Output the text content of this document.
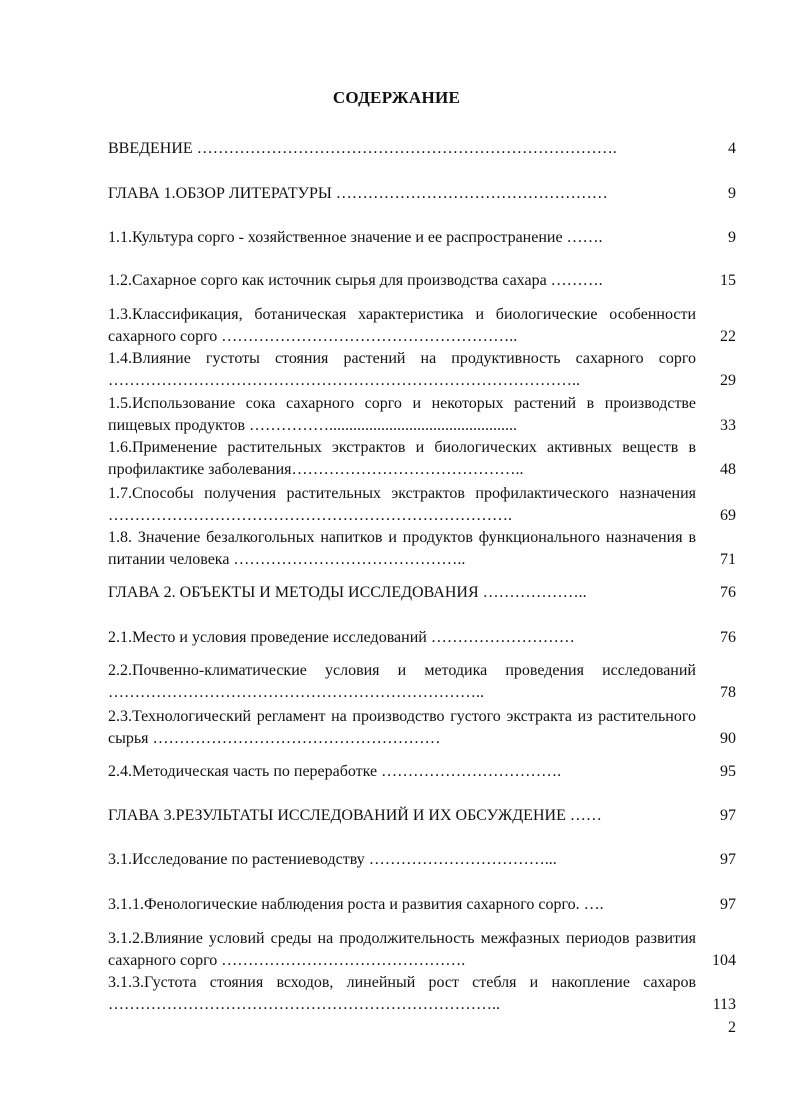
СОДЕРЖАНИЕ
ВВЕДЕНИЕ …………………………………………………………………….	4
ГЛАВА 1.ОБЗОР ЛИТЕРАТУРЫ ……………………………………………	9
1.1.Культура сорго - хозяйственное значение и ее распространение …….	9
1.2.Сахарное сорго как источник сырья для производства сахара ……….	15
1.3.Классификация, ботаническая характеристика и биологические особенности сахарного сорго ………………………………………………..	22
1.4.Влияние густоты стояния растений на продуктивность сахарного сорго ……………………………………………………………………………..	29
1.5.Использование сока сахарного сорго и некоторых растений в производстве пищевых продуктов ……………...............................................	33
1.6.Применение растительных экстрактов и биологических активных веществ в профилактике заболевания……………………………………..	48
1.7.Способы получения растительных экстрактов профилактического назначения ………………………………………………………………….	69
1.8. Значение безалкогольных напитков и продуктов функционального назначения в питании человека ……………………………………..	71
ГЛАВА 2. ОБЪЕКТЫ И МЕТОДЫ ИССЛЕДОВАНИЯ ………………..	76
2.1.Место и условия проведение исследований ………………………	76
2.2.Почвенно-климатические условия и методика проведения исследований ……………………………………………………………..	78
2.3.Технологический регламент на производство густого экстракта из растительного сырья ………………………………………………	90
2.4.Методическая часть по переработке …………………………….	95
ГЛАВА 3.РЕЗУЛЬТАТЫ ИССЛЕДОВАНИЙ И ИХ ОБСУЖДЕНИЕ ……	97
3.1.Исследование по растениеводству ……………………………...	97
3.1.1.Фенологические наблюдения роста и развития сахарного сорго. ….	97
3.1.2.Влияние условий среды на продолжительность межфазных периодов развития сахарного сорго ……………………………………….	104
3.1.3.Густота стояния всходов, линейный рост стебля и накопление сахаров ………………………………………………………………..	113
2
